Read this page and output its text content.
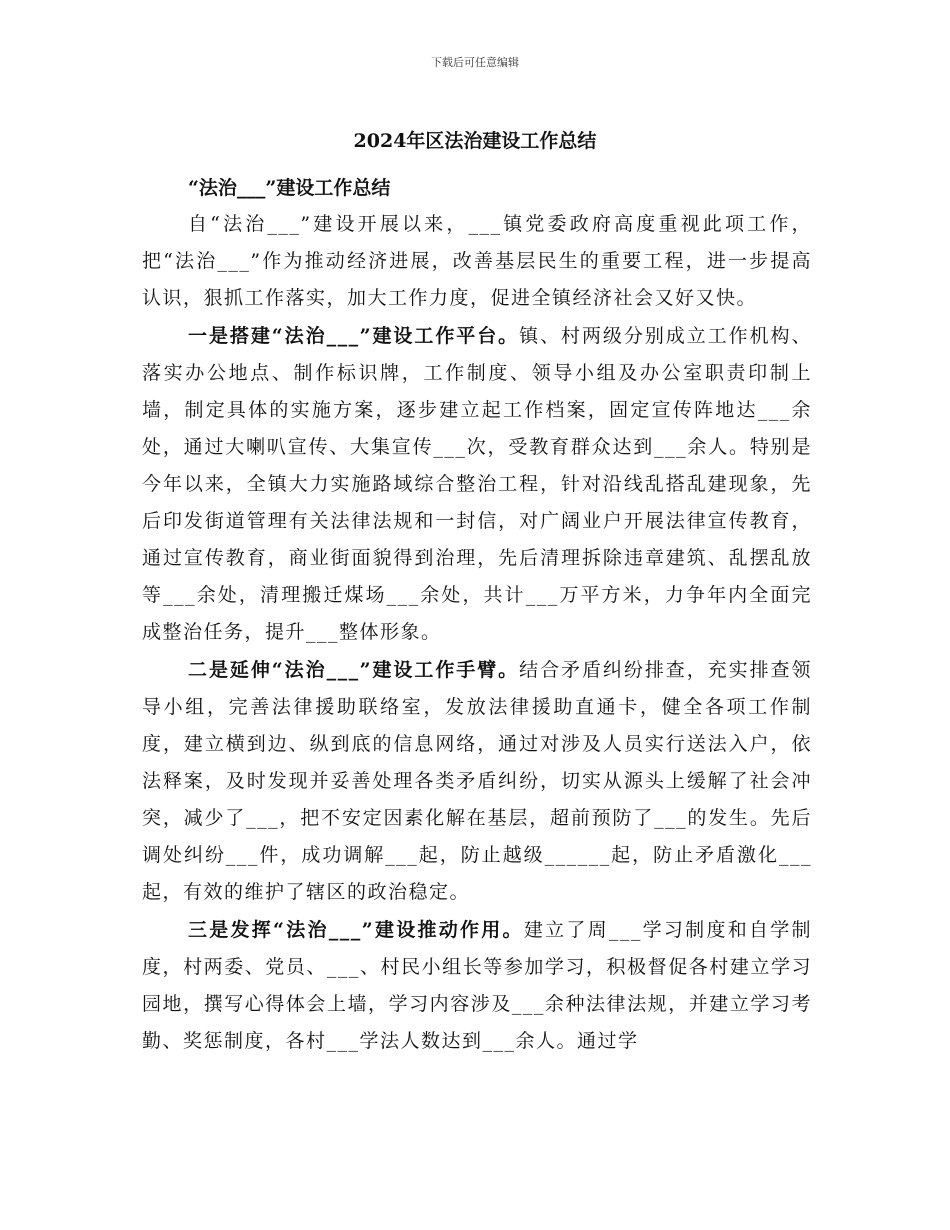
下载后可任意编辑
2024年区法治建设工作总结
“法治___”建设工作总结

自“法治___”建设开展以来，___镇党委政府高度重视此项工作，把“法治___”作为推动经济进展，改善基层民生的重要工程，进一步提高认识，狠抓工作落实，加大工作力度，促进全镇经济社会又好又快。

一是搭建“法治___”建设工作平台。镇、村两级分别成立工作机构、落实办公地点、制作标识牌，工作制度、领导小组及办公室职责印制上墙，制定具体的实施方案，逐步建立起工作档案，固定宣传阵地达___余处，通过大喇叭宣传、大集宣传___次，受教育群众达到___余人。特别是今年以来，全镇大力实施路域综合整治工程，针对沿线乱搭乱建现象，先后印发街道管理有关法律法规和一封信，对广阔业户开展法律宣传教育，通过宣传教育，商业街面貌得到治理，先后清理拆除违章建筑、乱摆乱放等___余处，清理搬迁煤场___余处，共计___万平方米，力争年内全面完成整治任务，提升___整体形象。

二是延伸“法治___”建设工作手臂。结合矛盾纠纷排查，充实排查领导小组，完善法律援助联络室，发放法律援助直通卡，健全各项工作制度，建立横到边、纵到底的信息网络，通过对涉及人员实行送法入户，依法释案，及时发现并妥善处理各类矛盾纠纷，切实从源头上缓解了社会冲突，减少了___，把不安定因素化解在基层，超前预防了___的发生。先后调处纠纷___件，成功调解___起，防止越级______起，防止矛盾激化___起，有效的维护了辖区的政治稳定。

三是发挥“法治___”建设推动作用。建立了周___学习制度和自学制度，村两委、党员、___、村民小组长等参加学习，积极督促各村建立学习园地，撰写心得体会上墙，学习内容涉及___余种法律法规，并建立学习考勤、奖惩制度，各村___学法人数达到___余人。通过学
